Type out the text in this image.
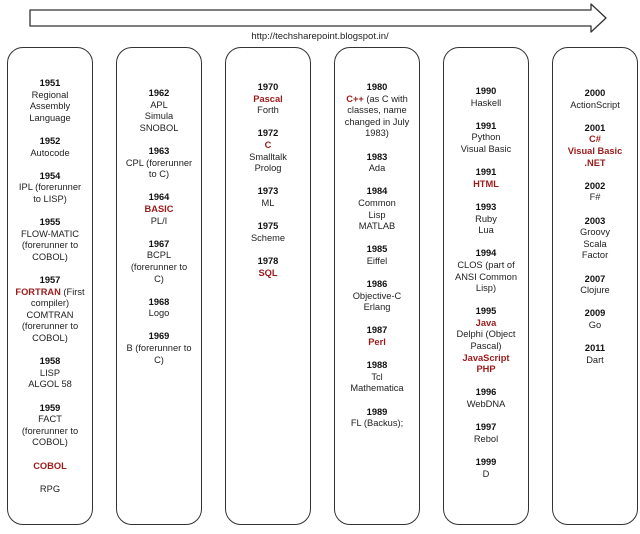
http://techsharepoint.blogspot.in/
1951
Regional
Assembly
Language
1952
Autocode
1954
IPL (forerunner
to LISP)
1955
FLOW-MATIC
(forerunner to
COBOL)
1957
FORTRAN (First
compiler)
COMTRAN
(forerunner to
COBOL)
1958
LISP
ALGOL 58
1959
FACT
(forerunner to
COBOL)
COBOL
RPG
1962
APL
Simula
SNOBOL
1963
CPL (forerunner
to C)
1964
BASIC
PL/I
1967
BCPL
(forerunner to
C)
1968
Logo
1969
B (forerunner to
C)
1970
Pascal
Forth
1972
C
Smalltalk
Prolog
1973
ML
1975
Scheme
1978
SQL
1980
C++ (as C with
classes, name
changed in July
1983)
1983
Ada
1984
Common
Lisp
MATLAB
1985
Eiffel
1986
Objective-C
Erlang
1987
Perl
1988
Tcl
Mathematica
1989
FL (Backus);
1990
Haskell
1991
Python
Visual Basic
1991
HTML
1993
Ruby
Lua
1994
CLOS (part of
ANSI Common
Lisp)
1995
Java
Delphi (Object
Pascal)
JavaScript
PHP
1996
WebDNA
1997
Rebol
1999
D
2000
ActionScript
2001
C#
Visual Basic
.NET
2002
F#
2003
Groovy
Scala
Factor
2007
Clojure
2009
Go
2011
Dart
